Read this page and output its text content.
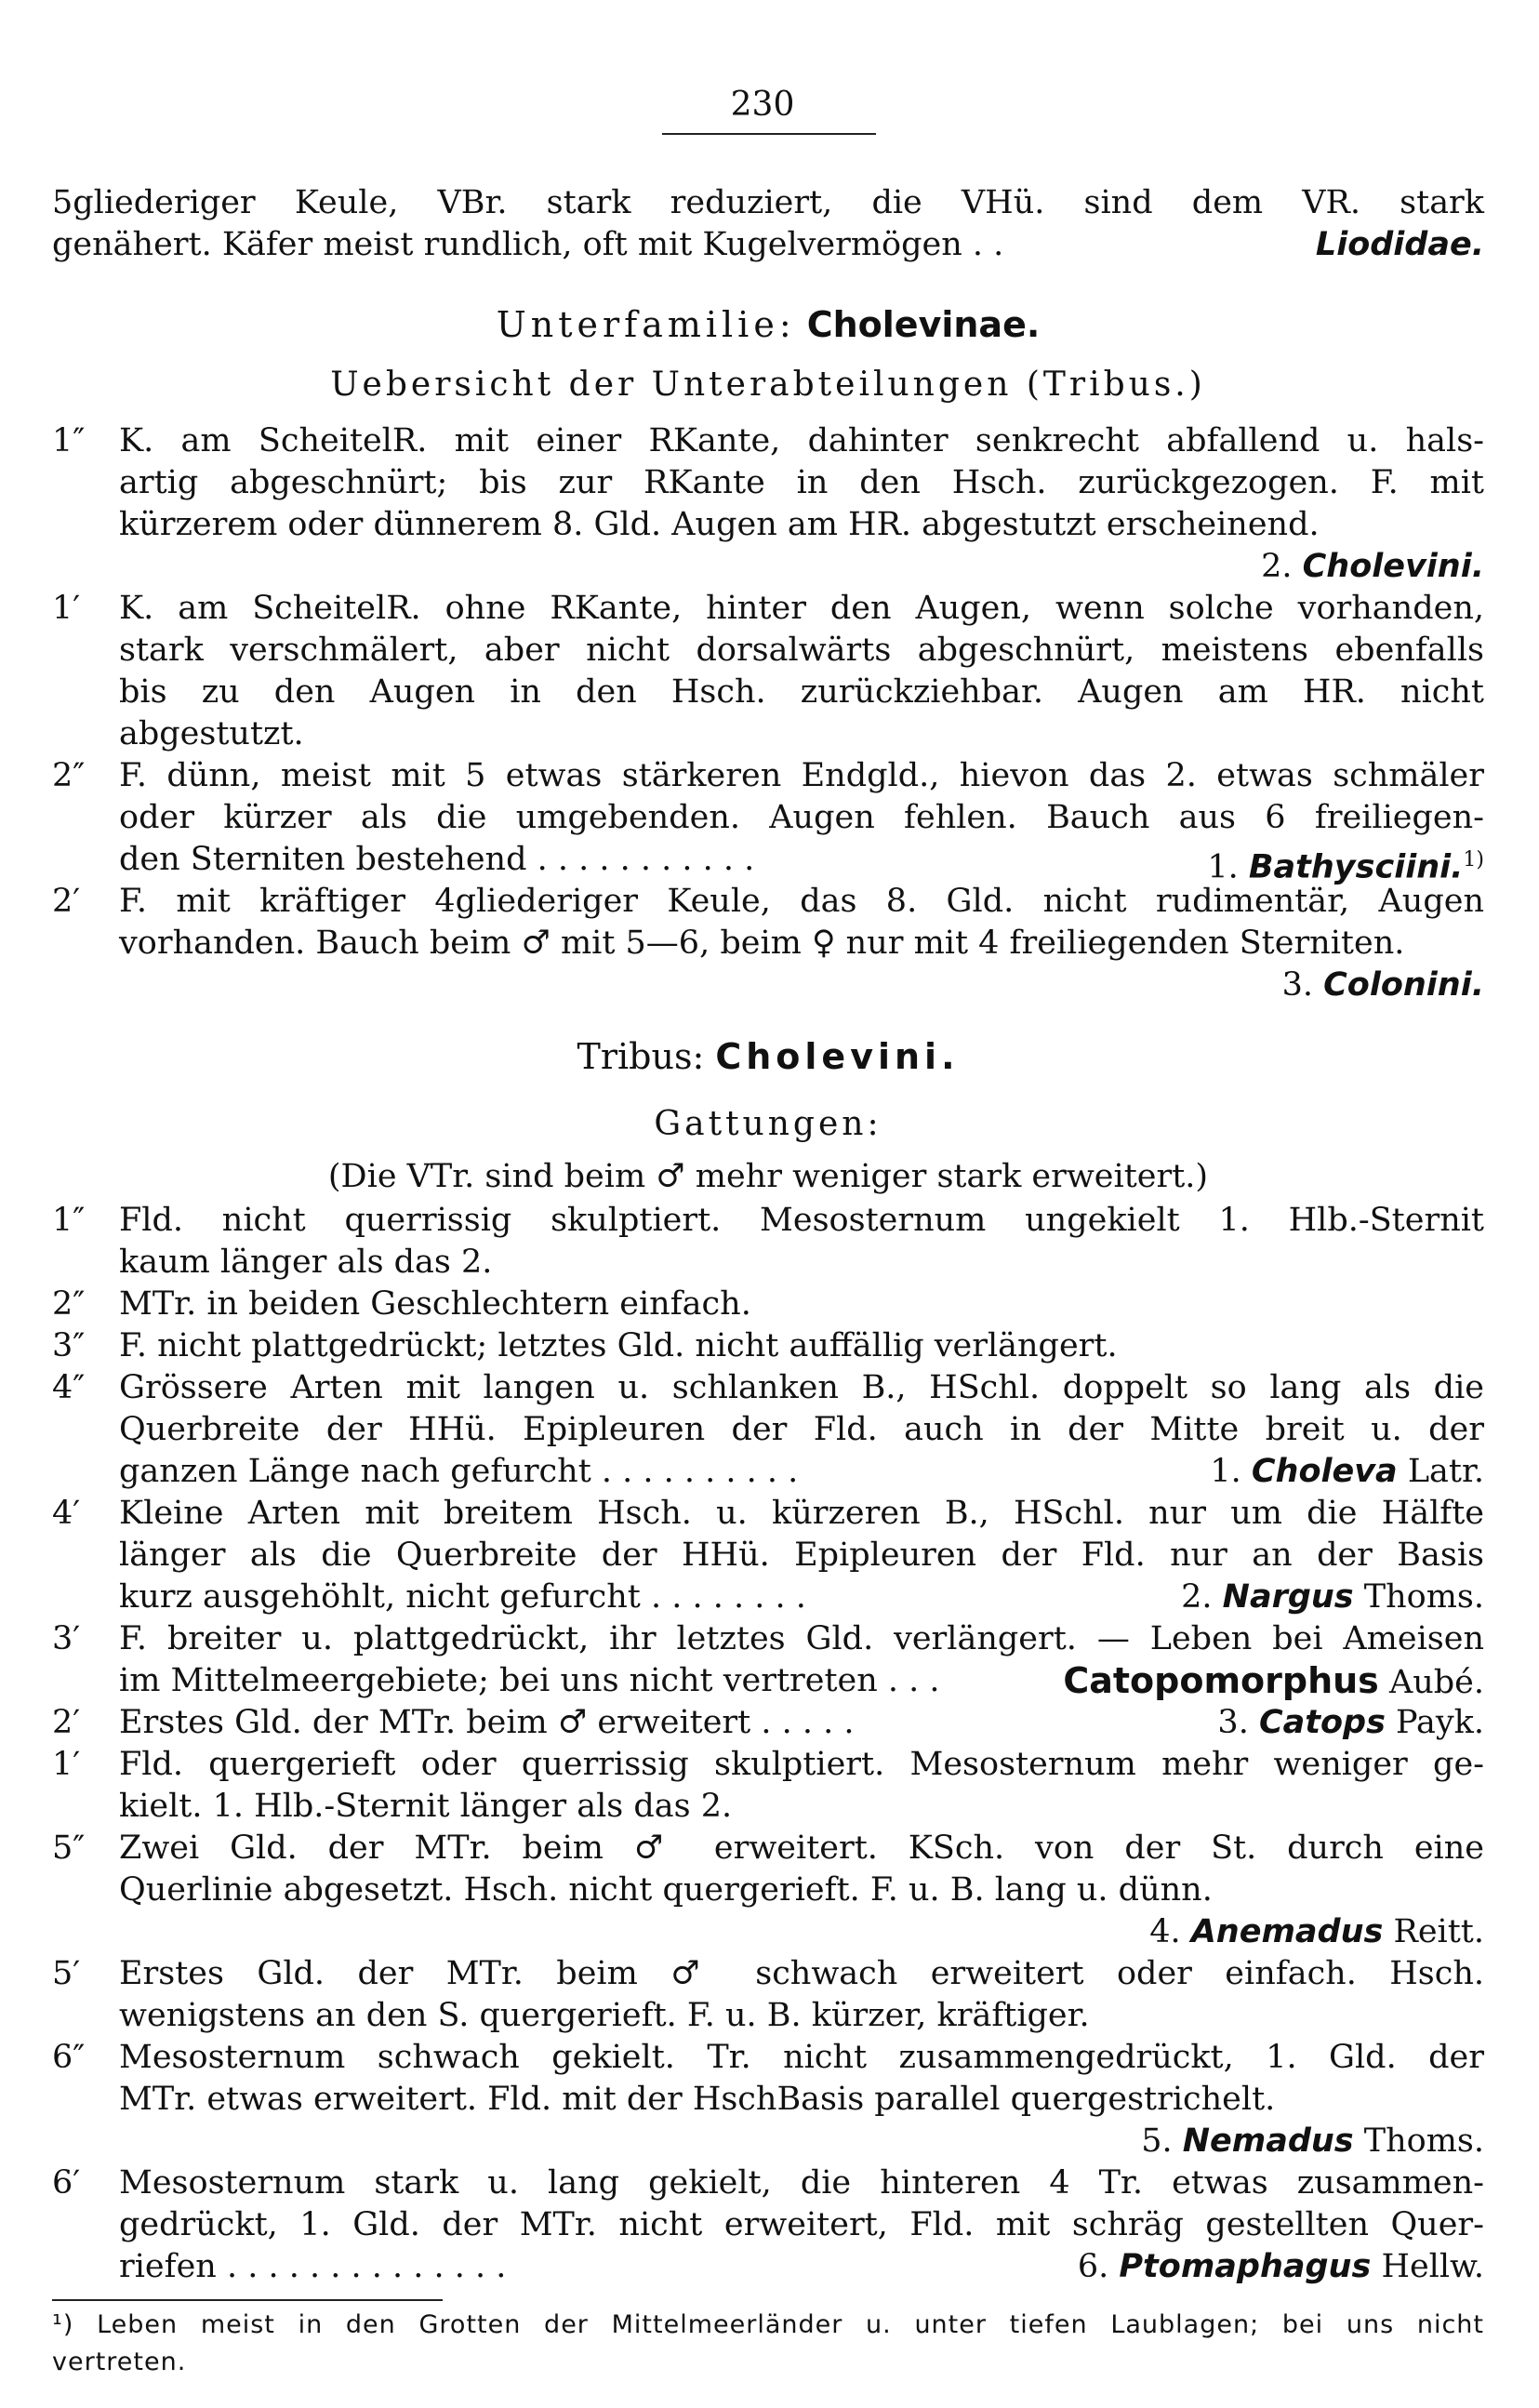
230
5gliederiger Keule, VBr. stark reduziert, die VHü. sind dem VR. stark
genähert. Käfer meist rundlich, oft mit Kugelvermögen . .	Liodidae.
Unterfamilie: Cholevinae.
Uebersicht der Unterabteilungen (Tribus.)
1″	K. am ScheitelR. mit einer RKante, dahinter senkrecht abfallend u. hals-
artig abgeschnürt; bis zur RKante in den Hsch. zurückgezogen. F. mit
kürzerem oder dünnerem 8. Gld. Augen am HR. abgestutzt erscheinend.
2. Cholevini.
1′	K. am ScheitelR. ohne RKante, hinter den Augen, wenn solche vorhanden,
stark verschmälert, aber nicht dorsalwärts abgeschnürt, meistens ebenfalls
bis zu den Augen in den Hsch. zurückziehbar. Augen am HR. nicht
abgestutzt.
2″	F. dünn, meist mit 5 etwas stärkeren Endgld., hievon das 2. etwas schmäler
oder kürzer als die umgebenden. Augen fehlen. Bauch aus 6 freiliegen-
den Sterniten bestehend . . . . . . . . . . .	1. Bathysciini.$^{1)}$
2′	F. mit kräftiger 4gliederiger Keule, das 8. Gld. nicht rudimentär, Augen
vorhanden. Bauch beim ♂ mit 5—6, beim ♀ nur mit 4 freiliegenden Sterniten.
3. Colonini.
Tribus: Cholevini.
Gattungen:
(Die VTr. sind beim ♂ mehr weniger stark erweitert.)
1″	Fld. nicht querrissig skulptiert. Mesosternum ungekielt 1. Hlb.-Sternit
kaum länger als das 2.
2″	MTr. in beiden Geschlechtern einfach.
3″	F. nicht plattgedrückt; letztes Gld. nicht auffällig verlängert.
4″	Grössere Arten mit langen u. schlanken B., HSchl. doppelt so lang als die
Querbreite der HHü. Epipleuren der Fld. auch in der Mitte breit u. der
ganzen Länge nach gefurcht . . . . . . . . . .	1. Choleva Latr.
4′	Kleine Arten mit breitem Hsch. u. kürzeren B., HSchl. nur um die Hälfte
länger als die Querbreite der HHü. Epipleuren der Fld. nur an der Basis
kurz ausgehöhlt, nicht gefurcht . . . . . . . .	2. Nargus Thoms.
3′	F. breiter u. plattgedrückt, ihr letztes Gld. verlängert. — Leben bei Ameisen
im Mittelmeergebiete; bei uns nicht vertreten . . .	Catopomorphus Aubé.
2′	Erstes Gld. der MTr. beim ♂ erweitert . . . . .	3. Catops Payk.
1′	Fld. quergerieft oder querrissig skulptiert. Mesosternum mehr weniger ge-
kielt. 1. Hlb.-Sternit länger als das 2.
5″	Zwei Gld. der MTr. beim ♂ erweitert. KSch. von der St. durch eine
Querlinie abgesetzt. Hsch. nicht quergerieft. F. u. B. lang u. dünn.
4. Anemadus Reitt.
5′	Erstes Gld. der MTr. beim ♂ schwach erweitert oder einfach. Hsch.
wenigstens an den S. quergerieft. F. u. B. kürzer, kräftiger.
6″	Mesosternum schwach gekielt. Tr. nicht zusammengedrückt, 1. Gld. der
MTr. etwas erweitert. Fld. mit der HschBasis parallel quergestrichelt.
5. Nemadus Thoms.
6′	Mesosternum stark u. lang gekielt, die hinteren 4 Tr. etwas zusammen-
gedrückt, 1. Gld. der MTr. nicht erweitert, Fld. mit schräg gestellten Quer-
riefen . . . . . . . . . . . . . .	6. Ptomaphagus Hellw.
¹) Leben meist in den Grotten der Mittelmeerländer u. unter tiefen Laublagen; bei uns nicht
vertreten.
